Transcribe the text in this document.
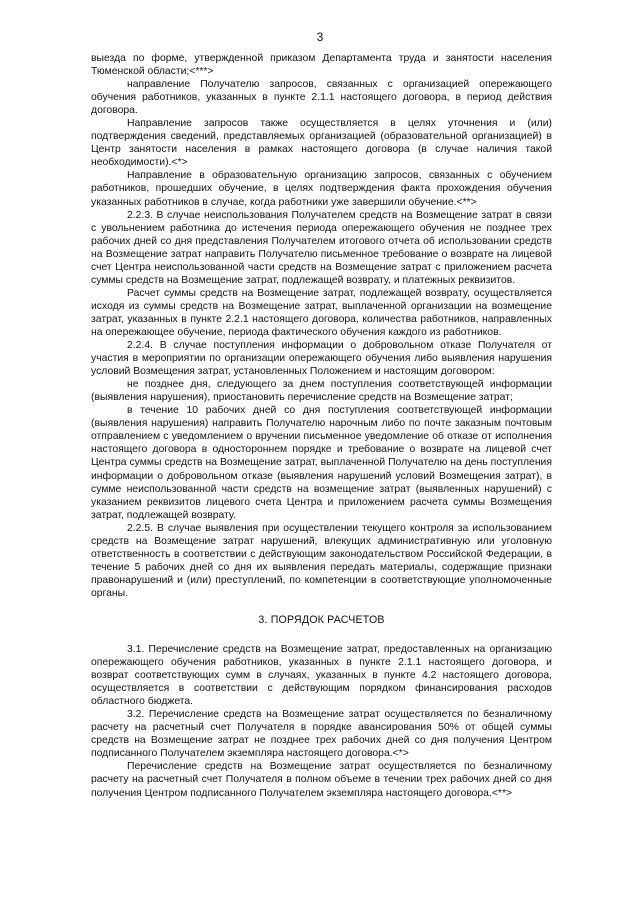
3
выезда по форме, утвержденной приказом Департамента труда и занятости населения Тюменской области;<***>
направление Получателю запросов, связанных с организацией опережающего обучения работников, указанных в пункте 2.1.1 настоящего договора, в период действия договора.
Направление запросов также осуществляется в целях уточнения и (или) подтверждения сведений, представляемых организацией (образовательной организацией) в Центр занятости населения в рамках настоящего договора (в случае наличия такой необходимости).<*>
Направление в образовательную организацию запросов, связанных с обучением работников, прошедших обучение, в целях подтверждения факта прохождения обучения указанных работников в случае, когда работники уже завершили обучение.<**>
2.2.3. В случае неиспользования Получателем средств на Возмещение затрат в связи с увольнением работника до истечения периода опережающего обучения не позднее трех рабочих дней со дня представления Получателем итогового отчета об использовании средств на Возмещение затрат направить Получателю письменное требование о возврате на лицевой счет Центра неиспользованной части средств на Возмещение затрат с приложением расчета суммы средств на Возмещение затрат, подлежащей возврату, и платежных реквизитов.
Расчет суммы средств на Возмещение затрат, подлежащей возврату, осуществляется исходя из суммы средств на Возмещение затрат, выплаченной организации на возмещение затрат, указанных в пункте 2.2.1 настоящего договора, количества работников, направленных на опережающее обучение, периода фактического обучения каждого из работников.
2.2.4. В случае поступления информации о добровольном отказе Получателя от участия в мероприятии по организации опережающего обучения либо выявления нарушения условий Возмещения затрат, установленных Положением и настоящим договором:
не позднее дня, следующего за днем поступления соответствующей информации (выявления нарушения), приостановить перечисление средств на Возмещение затрат;
в течение 10 рабочих дней со дня поступления соответствующей информации (выявления нарушения) направить Получателю нарочным либо по почте заказным почтовым отправлением с уведомлением о вручении письменное уведомление об отказе от исполнения настоящего договора в одностороннем порядке и требование о возврате на лицевой счет Центра суммы средств на Возмещение затрат, выплаченной Получателю на день поступления информации о добровольном отказе (выявления нарушений условий Возмещения затрат), в сумме неиспользованной части средств на возмещение затрат (выявленных нарушений) с указанием реквизитов лицевого счета Центра и приложением расчета суммы Возмещения затрат, подлежащей возврату.
2.2.5. В случае выявления при осуществлении текущего контроля за использованием средств на Возмещение затрат нарушений, влекущих административную или уголовную ответственность в соответствии с действующим законодательством Российской Федерации, в течение 5 рабочих дней со дня их выявления передать материалы, содержащие признаки правонарушений и (или) преступлений, по компетенции в соответствующие уполномоченные органы.
3. ПОРЯДОК РАСЧЕТОВ
3.1. Перечисление средств на Возмещение затрат, предоставленных на организацию опережающего обучения работников, указанных в пункте 2.1.1 настоящего договора, и возврат соответствующих сумм в случаях, указанных в пункте 4.2 настоящего договора, осуществляется в соответствии с действующим порядком финансирования расходов областного бюджета.
3.2. Перечисление средств на Возмещение затрат осуществляется по безналичному расчету на расчетный счет Получателя в порядке авансирования 50% от общей суммы средств на Возмещение затрат не позднее трех рабочих дней со дня получения Центром подписанного Получателем экземпляра настоящего договора.<*>
Перечисление средств на Возмещение затрат осуществляется по безналичному расчету на расчетный счет Получателя в полном объеме в течении трех рабочих дней со дня получения Центром подписанного Получателем экземпляра настоящего договора.<**>
